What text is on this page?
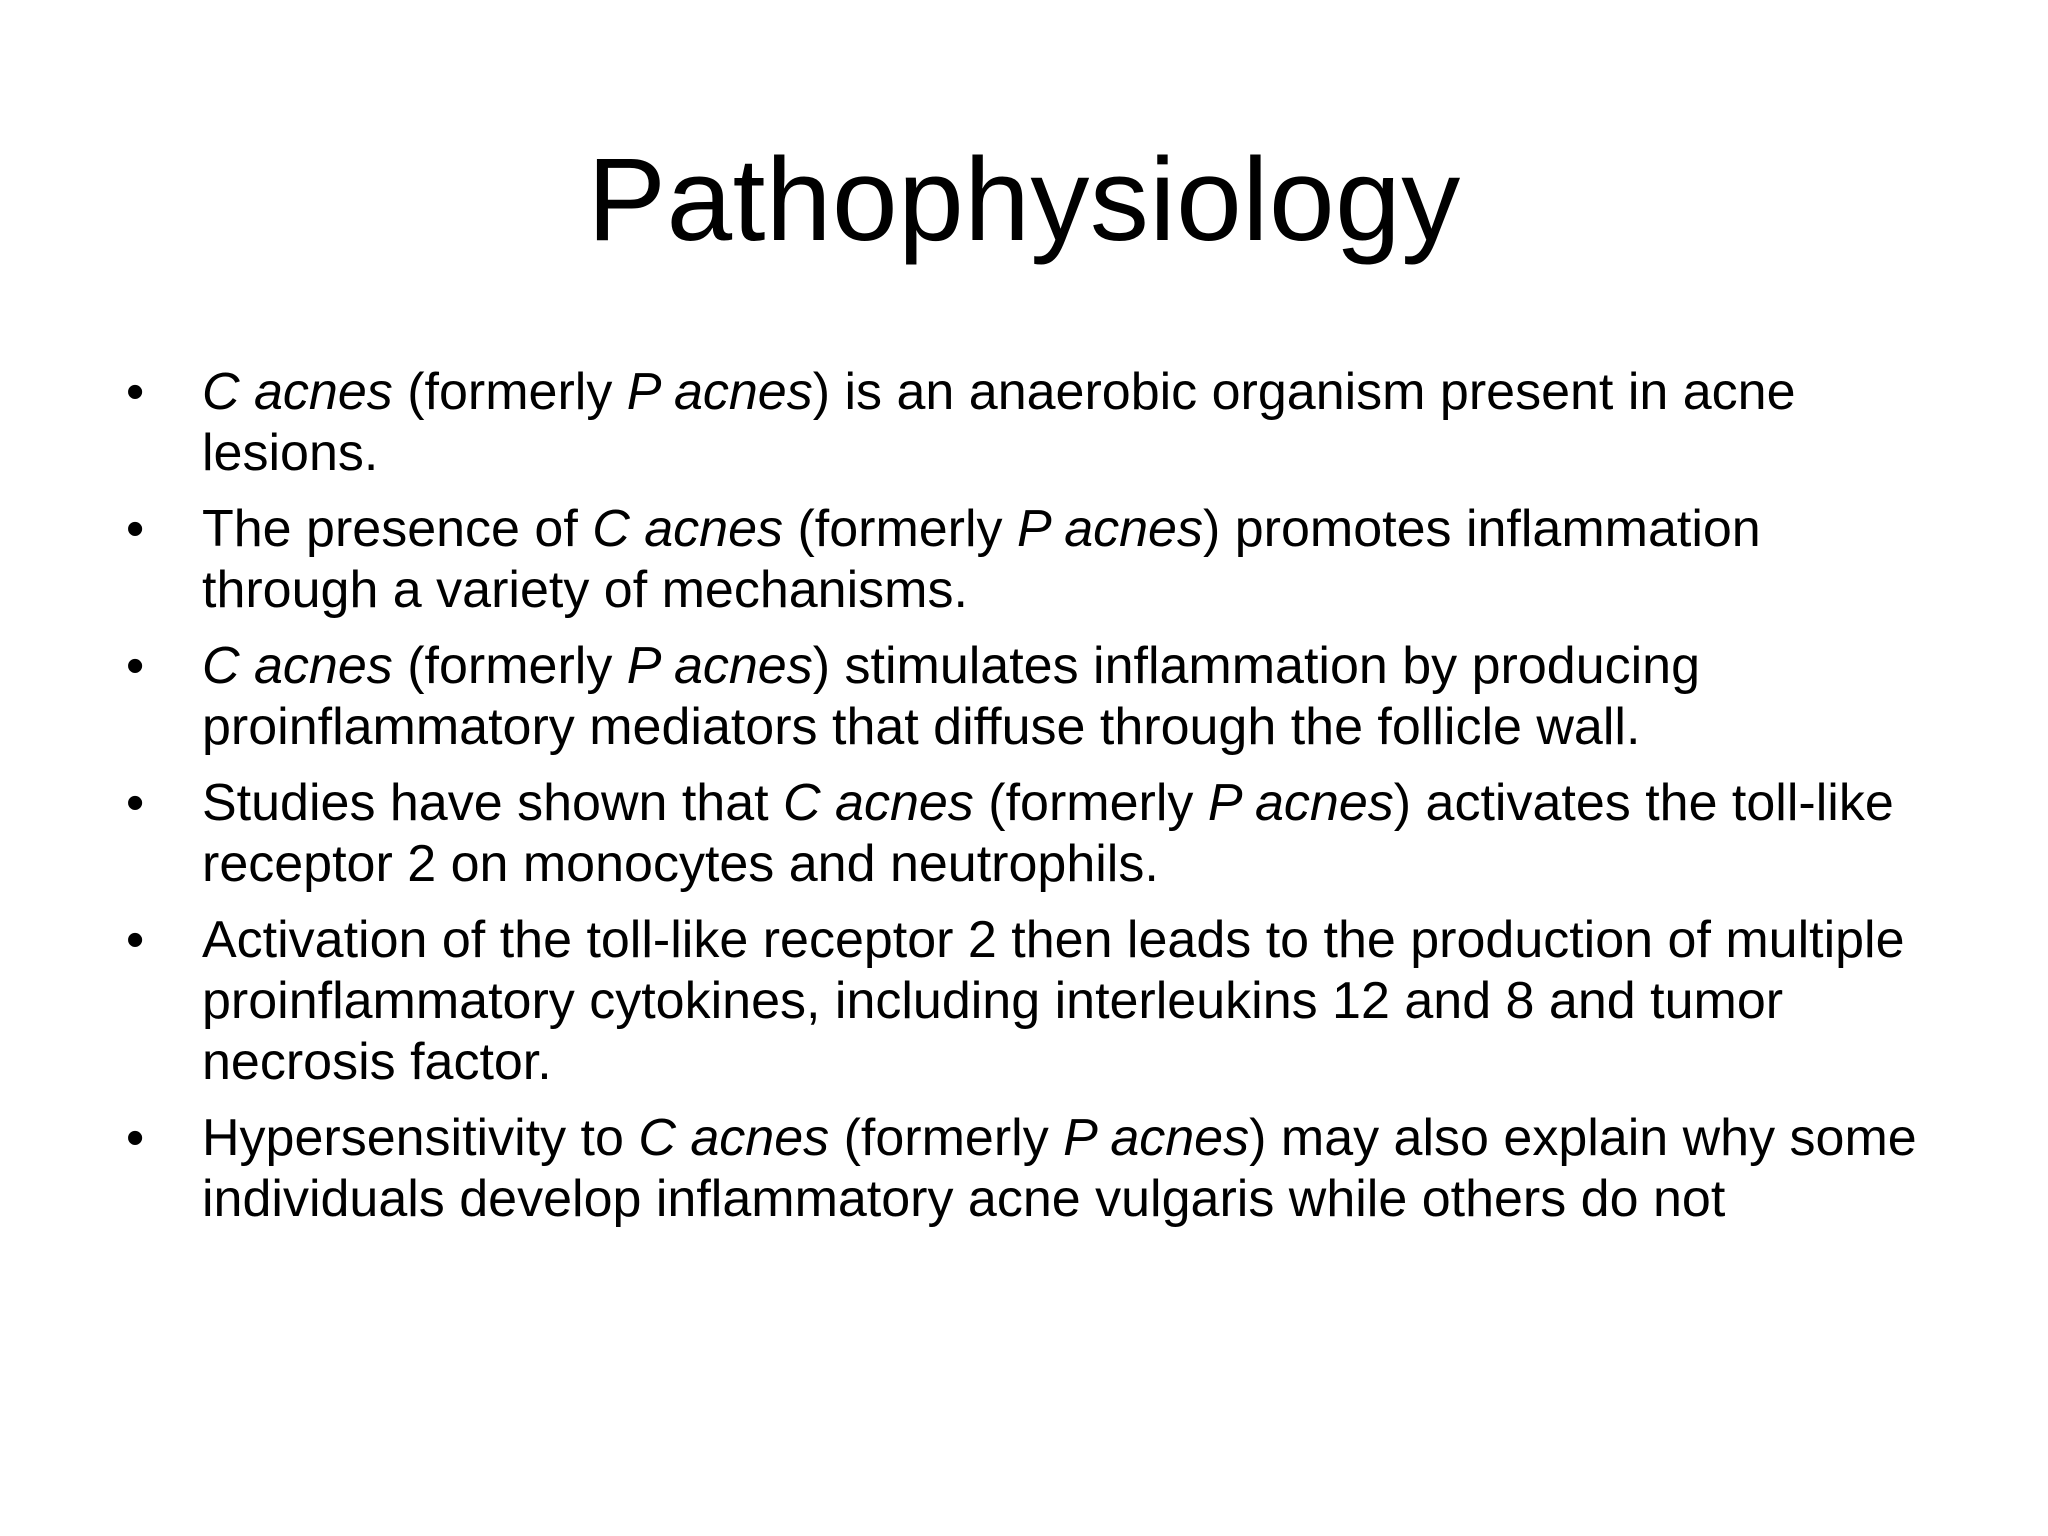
Pathophysiology
•	C acnes (formerly P acnes) is an anaerobic organism present in acne lesions.
•	The presence of C acnes (formerly P acnes) promotes inflammation through a variety of mechanisms.
•	C acnes (formerly P acnes) stimulates inflammation by producing proinflammatory mediators that diffuse through the follicle wall.
•	Studies have shown that C acnes (formerly P acnes) activates the toll-like receptor 2 on monocytes and neutrophils.
•	Activation of the toll-like receptor 2 then leads to the production of multiple proinflammatory cytokines, including interleukins 12 and 8 and tumor necrosis factor.
•	Hypersensitivity to C acnes (formerly P acnes) may also explain why some individuals develop inflammatory acne vulgaris while others do not
